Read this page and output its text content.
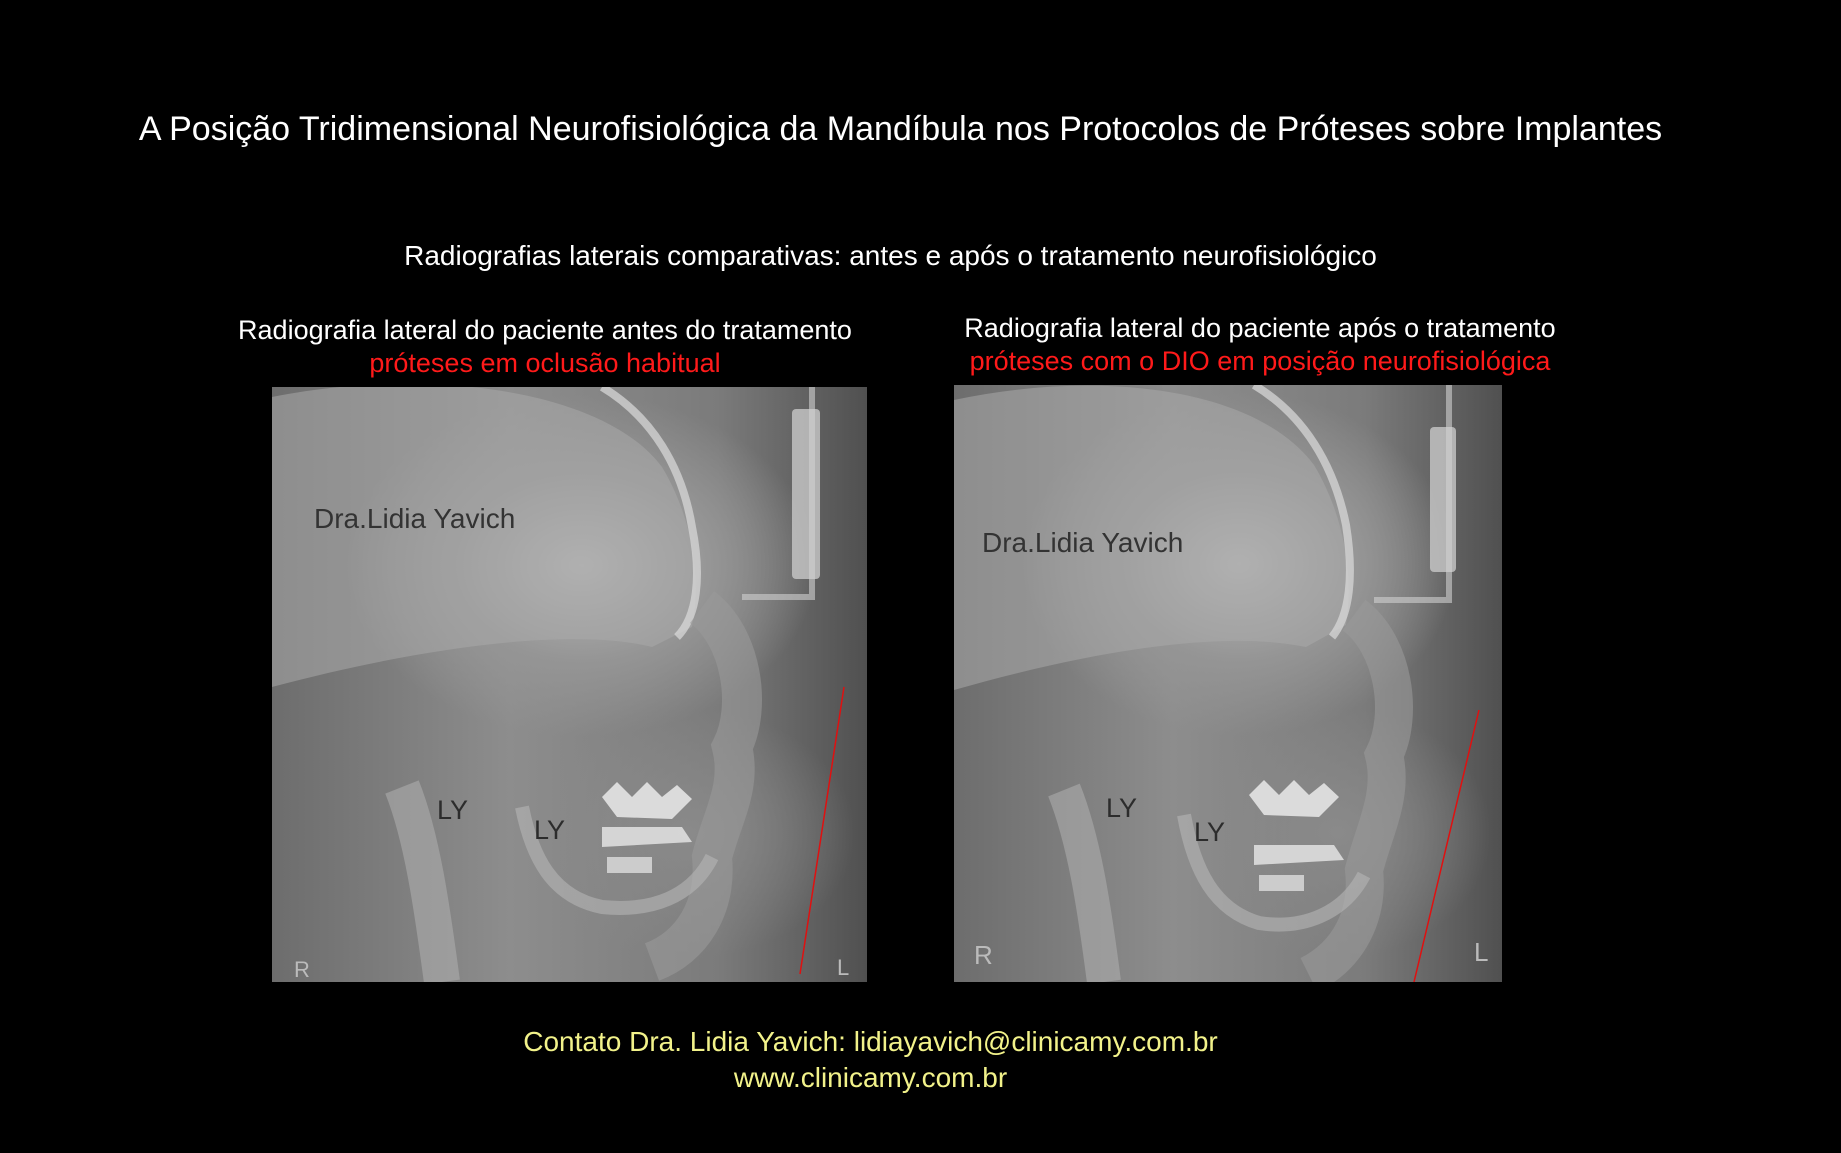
A Posição Tridimensional Neurofisiológica da Mandíbula nos Protocolos de Próteses sobre Implantes
Radiografias laterais comparativas: antes e após o tratamento neurofisiológico
Radiografia lateral do paciente antes do tratamento
próteses em oclusão habitual
Radiografia lateral do paciente após o tratamento
próteses com o DIO em posição neurofisiológica
Dra.Lidia Yavich
LY
LY
R	L
Dra.Lidia Yavich
LY
LY
R	L
Contato Dra. Lidia Yavich: lidiayavich@clinicamy.com.br
www.clinicamy.com.br
